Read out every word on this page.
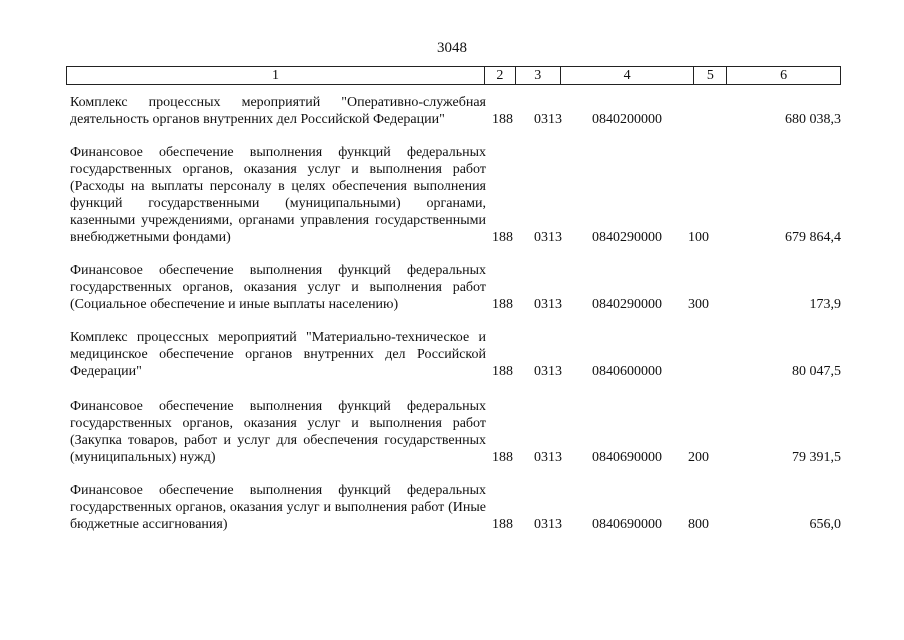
3048
1	2	3	4	5	6
Комплекс процессных мероприятий "Оперативно-служебная деятельность органов внутренних дел Российской Федерации"	188 0313 0840200000	680 038,3
Финансовое обеспечение выполнения функций федеральных государственных органов, оказания услуг и выполнения работ (Расходы на выплаты персоналу в целях обеспечения выполнения функций государственными (муниципальными) органами, казенными учреждениями, органами управления государственными внебюджетными фондами)	188 0313 0840290000 100	679 864,4
Финансовое обеспечение выполнения функций федеральных государственных органов, оказания услуг и выполнения работ (Социальное обеспечение и иные выплаты населению)	188 0313 0840290000 300	173,9
Комплекс процессных мероприятий "Материально-техническое и медицинское обеспечение органов внутренних дел Российской Федерации"	188 0313 0840600000	80 047,5
Финансовое обеспечение выполнения функций федеральных государственных органов, оказания услуг и выполнения работ (Закупка товаров, работ и услуг для обеспечения государственных (муниципальных) нужд)	188 0313 0840690000 200	79 391,5
Финансовое обеспечение выполнения функций федеральных государственных органов, оказания услуг и выполнения работ (Иные бюджетные ассигнования)	188 0313 0840690000 800	656,0
